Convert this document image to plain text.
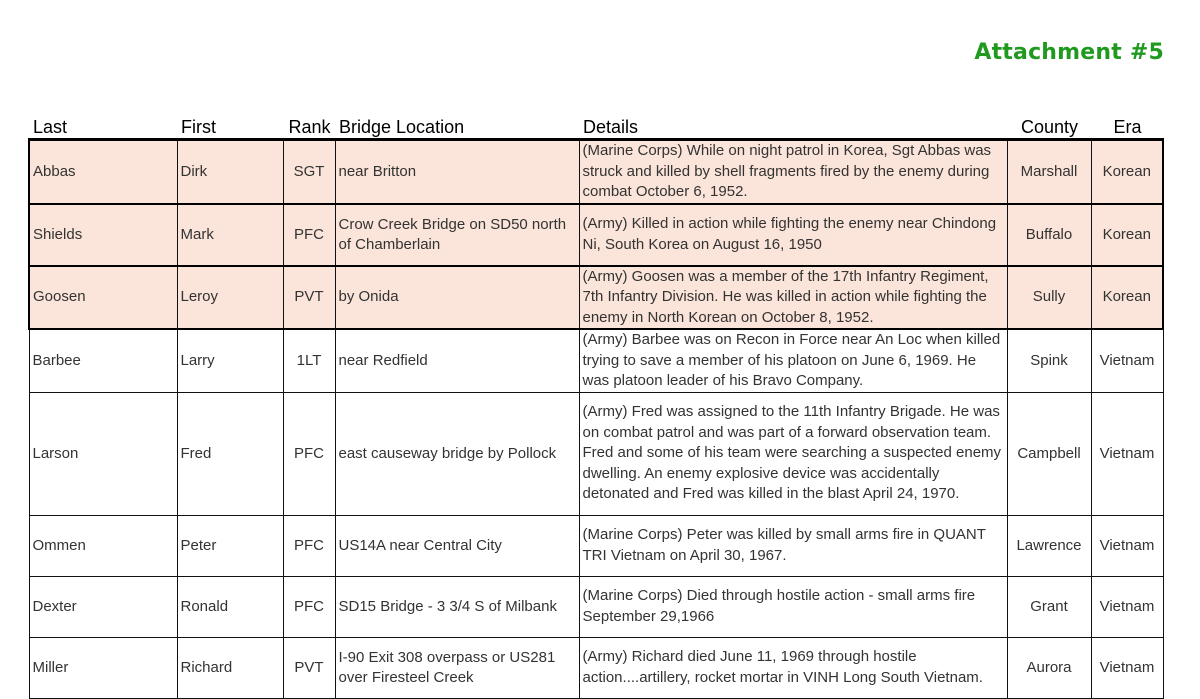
Attachment #5
Last	First	Rank	Bridge Location	Details	County	Era
Abbas	Dirk	SGT	near Britton	(Marine Corps) While on night patrol in Korea, Sgt Abbas was struck and killed by shell fragments fired by the enemy during combat October 6, 1952.	Marshall	Korean
Shields	Mark	PFC	Crow Creek Bridge on SD50 north of Chamberlain	(Army) Killed in action while fighting the enemy near Chindong Ni, South Korea on August 16, 1950	Buffalo	Korean
Goosen	Leroy	PVT	by Onida	(Army) Goosen was a member of the 17th Infantry Regiment, 7th Infantry Division. He was killed in action while fighting the enemy in North Korean on October 8, 1952.	Sully	Korean
Barbee	Larry	1LT	near Redfield	(Army) Barbee was on Recon in Force near An Loc when killed trying to save a member of his platoon on June 6, 1969. He was platoon leader of his Bravo Company.	Spink	Vietnam
Larson	Fred	PFC	east causeway bridge by Pollock	(Army) Fred was assigned to the 11th Infantry Brigade. He was on combat patrol and was part of a forward observation team. Fred and some of his team were searching a suspected enemy dwelling. An enemy explosive device was accidentally detonated and Fred was killed in the blast April 24, 1970.	Campbell	Vietnam
Ommen	Peter	PFC	US14A near Central City	(Marine Corps) Peter was killed by small arms fire in QUANT TRI Vietnam on April 30, 1967.	Lawrence	Vietnam
Dexter	Ronald	PFC	SD15 Bridge - 3 3/4 S of Milbank	(Marine Corps) Died through hostile action - small arms fire September 29,1966	Grant	Vietnam
Miller	Richard	PVT	I-90 Exit 308 overpass or US281 over Firesteel Creek	(Army) Richard died June 11, 1969 through hostile action....artillery, rocket mortar in VINH Long South Vietnam.	Aurora	Vietnam
